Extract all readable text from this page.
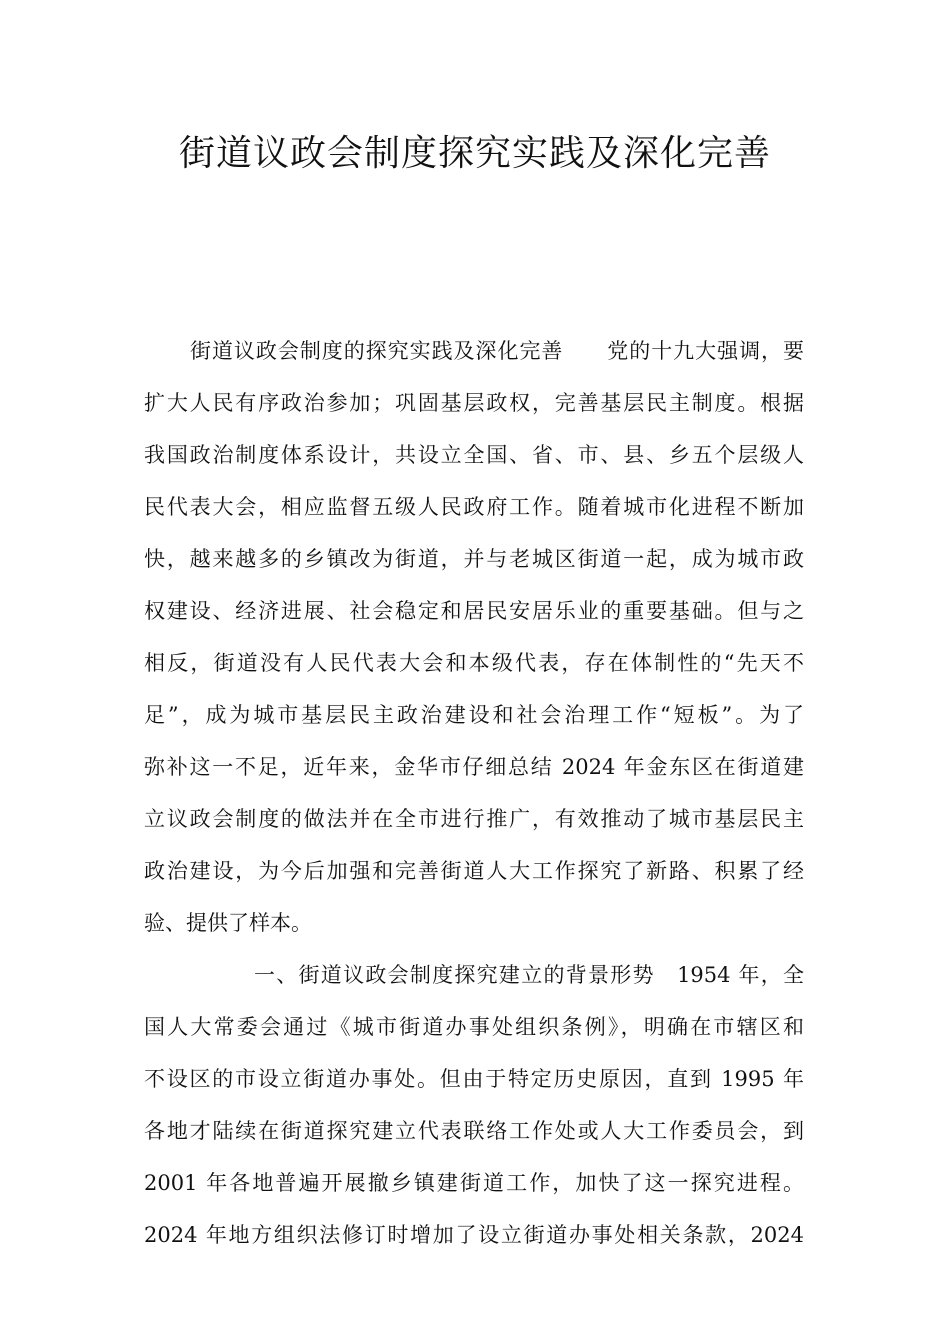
街道议政会制度探究实践及深化完善
街道议政会制度的探究实践及深化完善　　党的十九大强调，要
扩大人民有序政治参加；巩固基层政权，完善基层民主制度。根据
我国政治制度体系设计，共设立全国、省、市、县、乡五个层级人
民代表大会，相应监督五级人民政府工作。随着城市化进程不断加
快，越来越多的乡镇改为街道，并与老城区街道一起，成为城市政
权建设、经济进展、社会稳定和居民安居乐业的重要基础。但与之
相反，街道没有人民代表大会和本级代表，存在体制性的“先天不
足”，成为城市基层民主政治建设和社会治理工作“短板”。为了
弥补这一不足，近年来，金华市仔细总结 2024 年金东区在街道建
立议政会制度的做法并在全市进行推广，有效推动了城市基层民主
政治建设，为今后加强和完善街道人大工作探究了新路、积累了经
验、提供了样本。
一、街道议政会制度探究建立的背景形势　1954 年，全
国人大常委会通过《城市街道办事处组织条例》，明确在市辖区和
不设区的市设立街道办事处。但由于特定历史原因，直到 1995 年
各地才陆续在街道探究建立代表联络工作处或人大工作委员会，到
2001 年各地普遍开展撤乡镇建街道工作，加快了这一探究进程。
2024 年地方组织法修订时增加了设立街道办事处相关条款，2024
